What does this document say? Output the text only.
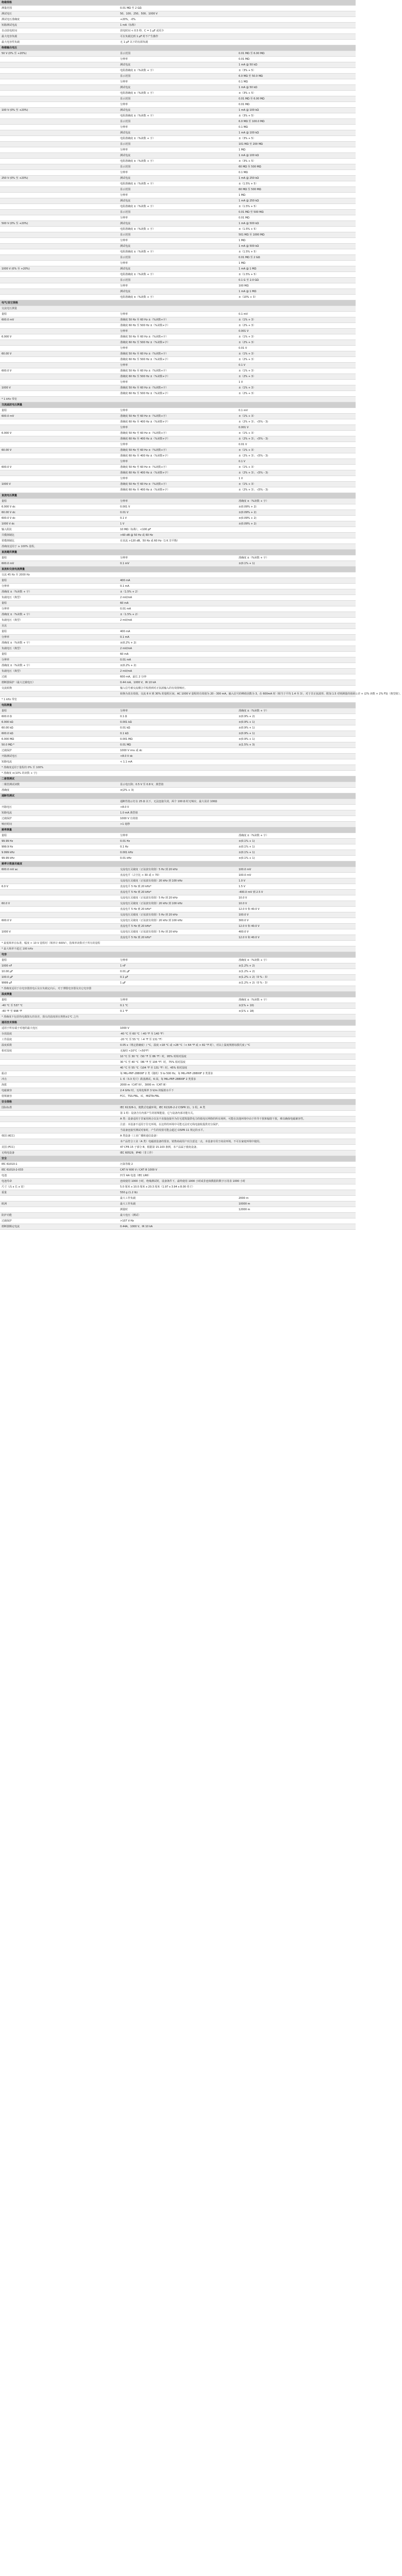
绝缘规格		
测量范围	0.01 MΩ 至 2 GΩ	
测试电压	50、100、250、500、1000 V	
测试电压准确度	+20%，-0%	
短路测试电流	1 mA（标称）	
自动放电时间	放电时间 < 0.5 秒，C = 1 μF 或更少	
最大电容负载	可在负载达到 1 μF 时不产生操作	
最大电容性负载	无 1 μF 以下的有源负载	
绝缘输出电压		
50 V (0% 至 +20%)	显示范围	0.01 MΩ 至 6.00 MΩ
	分辨率	0.01 MΩ
	测试电流	1 mA @ 50 kΩ
	电阻准确度 ±（%读数 + 字）	±（3% + 5）
	显示范围	6.0 MΩ 至 50.0 MΩ
	分辨率	0.1 MΩ
	测试电流	1 mA @ 50 kΩ
	电阻准确度 ±（%读数 + 字）	±（3% + 5）
	显示范围	0.01 MΩ 至 6.00 MΩ
	分辨率	0.01 MΩ
100 V (0% 至 +20%)	测试电流	1 mA @ 100 kΩ
	电阻准确度 ±（%读数 + 字）	±（3% + 5）
	显示范围	6.0 MΩ 至 100.0 MΩ
	分辨率	0.1 MΩ
	测试电流	1 mA @ 100 kΩ
	电阻准确度 ±（%读数 + 字）	±（3% + 5）
	显示范围	101 MΩ 至 200 MΩ
	分辨率	1 MΩ
	测试电流	1 mA @ 100 kΩ
	电阻准确度 ±（%读数 + 字）	±（3% + 5）
	显示范围	60 MΩ 至 500 MΩ
	分辨率	0.1 MΩ
250 V (0% 至 +20%)	测试电流	1 mA @ 250 kΩ
	电阻准确度 ±（%读数 + 字）	±（1.5% + 5）
	显示范围	60 MΩ 至 500 MΩ
	分辨率	1 MΩ
	测试电流	1 mA @ 250 kΩ
	电阻准确度 ±（%读数 + 字）	±（1.5% + 5）
	显示范围	0.01 MΩ 至 500 MΩ
	分辨率	0.01 MΩ
500 V (0% 至 +20%)	测试电流	1 mA @ 500 kΩ
	电阻准确度 ±（%读数 + 字）	±（1.5% + 5）
	显示范围	501 MΩ 至 1000 MΩ
	分辨率	1 MΩ
	测试电流	1 mA @ 500 kΩ
	电阻准确度 ±（%读数 + 字）	±（1.5% + 5）
	显示范围	0.01 MΩ 至 2 GΩ
	分辨率	1 MΩ
1000 V (0% 至 +20%)	测试电流	1 mA @ 1 MΩ
	电阻准确度 ±（%读数 + 字）	±（1.5% + 5）
	显示范围	0.1 G 至 2.0 GΩ
	分辨率	100 MΩ
	测试电流	1 mA @ 1 MΩ
	电阻准确度 ±（%读数 + 字）	±（10% + 3）
电气/其它规格		
交流电压测量		
量程	分辨率	0.1 mV
600.0 mV	准确度 50 Hz 至 60 Hz ±（%读数+字）	±（1% + 3）
	准确度 60 Hz 至 500 Hz ±（%读数+字）	±（2% + 3）
	分辨率	0.001 V
6.000 V	准确度 50 Hz 至 60 Hz ±（%读数+字）	±（1% + 3）
	准确度 60 Hz 至 500 Hz ±（%读数+字）	±（2% + 3）
	分辨率	0.01 V
60.00 V	准确度 50 Hz 至 60 Hz ±（%读数+字）	±（1% + 3）
	准确度 60 Hz 至 500 Hz ±（%读数+字）	±（2% + 3）
	分辨率	0.1 V
600.0 V	准确度 50 Hz 至 60 Hz ±（%读数+字）	±（1% + 3）
	准确度 60 Hz 至 500 Hz ±（%读数+字）	±（2% + 3）
	分辨率	1 V
1000 V	准确度 50 Hz 至 60 Hz ±（%读数+字）	±（1% + 3）
	准确度 60 Hz 至 500 Hz ±（%读数+字）	±（2% + 3）
* 1 kHz 带宽		
交流滤波电压测量		
量程	分辨率	0.1 mV
600.0 mV	准确度 50 Hz 至 60 Hz ±（%读数+字）	±（1% + 3）
	准确度 60 Hz 至 400 Hz ±（%读数+字）	±（2% + 3），-(5% - 3)
	分辨率	0.001 V
6.000 V	准确度 50 Hz 至 60 Hz ±（%读数+字）	±（1% + 3）
	准确度 60 Hz 至 400 Hz ±（%读数+字）	±（2% + 3），-(5% - 3)
	分辨率	0.01 V
60.00 V	准确度 50 Hz 至 60 Hz ±（%读数+字）	±（1% + 3）
	准确度 60 Hz 至 400 Hz ±（%读数+字）	±（2% + 3），-(5% - 3)
	分辨率	0.1 V
600.0 V	准确度 50 Hz 至 60 Hz ±（%读数+字）	±（1% + 3）
	准确度 60 Hz 至 400 Hz ±（%读数+字）	±（2% + 3），-(5% - 3)
	分辨率	1 V
1000 V	准确度 50 Hz 至 60 Hz ±（%读数+字）	±（1% + 3）
	准确度 60 Hz 至 400 Hz ±（%读数+字）	±（2% + 3），-(5% - 3)
直流电压测量		
量程	分辨率	准确度 ±（%读数 + 字）
6.000 V dc	0.001 V	±(0.09% + 2)
60.00 V dc	0.01 V	±(0.09% + 2)
600.0 V dc	0.1 V	±(0.09% + 2)
1000 V dc	1 V	±(0.09% + 2)
输入阻抗	10 MΩ（标称），<100 pF	
共模抑制比	>60 dB @ 50 Hz 或 60 Hz	
常模抑制比	在直流 >120 dB，50 Hz 或 60 Hz（1 K 非平衡）	
准确度适用于 ≥ 100% 量程。		
直流毫伏测量		
量程	分辨率	准确度 ±（%读数 + 字）
600.0 mV	0.1 mV	±(0.1% + 1)
直流和交流电流测量		
交流 45 Hz 至 2000 Hz		
量程	400 mA	
分辨率	0.1 mA	
准确度 ±（%读数 + 字）	±（1.5% + 2）	
负载电压（典型）	2 mV/mA	
量程	60 mA	
分辨率	0.01 mA	
准确度 ±（%读数 + 字）	±（1.5% + 2）	
负载电压（典型）	2 mV/mA	
直流		
量程	400 mA	
分辨率	0.1 mA	
准确度 ±（%读数 + 字）	±(0.2% + 2)	
负载电压（典型）	2 mV/mA	
量程	60 mA	
分辨率	0.01 mA	
准确度 ±（%读数 + 字）	±(0.2% + 2)	
负载电压（典型）	2 mV/mA	
过载	600 mA，最长 2 分钟	
熔断器保护（最大过载电压）	0.44 mA，1000 V，IR 10 kA	
交流转换	输入信号被交流耦合并校准到对正弦波输入的有效值响应。	
	转换为真有效值，交流 6 V 到 30% 的量程区间，AC 1000 V 量程的有效值为 20 - 300 mA。输入信号的峰值因数为 3，在 600mA 时（相当于平均 1.4 至 3），对于非正弦波形，附加 1.5 对则测量的值须公差 + (2% 读数 + 2% FS)（典型值）。	
* 1 kHz 带宽		
电阻测量		
量程	分辨率	准确度 ±（%读数 + 字）
600.0 Ω	0.1 Ω	±(0.9% + 2)
6.000 kΩ	0.001 kΩ	±(0.9% + 1)
60.00 kΩ	0.01 kΩ	±(0.9% + 1)
600.0 kΩ	0.1 kΩ	±(0.9% + 1)
6.000 MΩ	0.001 MΩ	±(0.9% + 1)
50.0 MΩ *	0.01 MΩ	±(1.5% + 3)
过载保护	1000 V rms 或 dc	
开路测试电压	<8.0 V dc	
短路电流	< 1.1 mA	
* 准确度适用于量程的 0% 至 100%		
* 准确度 ±(10% 的读数 + 字)		
二极管测试		
二极管测试读数	显示电压降；0.5 V 至 0.8 V，典型值	
准确度	±(2% + 3)	
通断性测试		
	通断性指示灯在 25 Ω 以下，无法连接失效，两个 100 Ω 时无响应，最大误差 100Ω	
开路电压	<8.0 V	
短路电流	1.0 mA 典型值	
过载保护	1000 V 有效值	
响应时间	>1 毫秒	
频率测量		
量程	分辨率	准确度 ±（%读数 + 字）
99.99 Hz	0.01 Hz	±(0.1% + 1)
999.9 Hz	0.1 Hz	±(0.1% + 1)
9.999 kHz	0.001 kHz	±(0.1% + 1)
99.99 kHz	0.01 kHz	±(0.1% + 1)
频率计数器灵敏度		
600.0 mV ac	交流电压灵敏度（正弦波有效值）5 Hz 到 20 kHz	100.0 mV
	直流电平（占空比 < 30 或 > 70）	100.0 mV
	交流电压灵敏度（正弦波有效值）20 kHz 到 100 kHz	1.0 V
6.0 V	直流电平 5 Hz 到 20 kHz*	1.5 V
	直流电平 5 Hz 到 20 kHz*	-400.0 mV 到 2.5 V
	交流电压灵敏度（正弦波有效值）5 Hz 到 20 kHz	10.0 V
60.0 V	交流电压灵敏度（正弦波有效值）20 kHz 到 100 kHz	10.0 V
	直流电平 5 Hz 到 20 kHz*	12.0 V 和 40.0 V
	交流电压灵敏度（正弦波有效值）5 Hz 到 20 kHz	100.0 V
600.0 V	交流电压灵敏度（正弦波有效值）20 kHz 到 100 kHz	300.0 V
	直流电平 5 Hz 到 20 kHz*	12.0 V 和 40.0 V
1000 V	交流电压灵敏度（正弦波有效值）5 Hz 到 20 kHz	400.0 V
	直流电平 5 Hz 到 20 kHz*	12.0 V 和 40.0 V
* 最低频率在标准，幅度 > 10 V 量程时（频率计 600V），指频率读数对于所有的量程		
* 最大频率不超过 100 kHz		
电容		
量程	分辨率	准确度 ±（%读数 + 字）
1000 nF	1 nF	±(1.2% + 2)
10.00 μF	0.01 μF	±(1.2% + 2)
100.0 μF	0.1 μF	±(1.2% + 2)（0 % - 3）
9999 μF	1 μF	±(1.2% + 2)（0 % - 3）
* 准确度适用于在电容器放电后及在负载定向后，对于薄膜电容器及其它电容器		
温度测量		
量程	分辨率	准确度 ±（%读数 + 字）
-40 °C 至 537 °C	0.1 °C	±(1% + 10)
-40 °F 至 998 °F	0.1 °F	±(1% + 18)
* 准确度不包括热电偶探头的误差，探头的温度须在规格±1°C 之内		
通用技术规格		
适用于所有端子对地的最大电压	1000 V	
存放温度	-40 °C 至 60 °C（-40 °F 至 140 °F）	
工作温度	-20 °C 至 55 °C（-4 °F 至 131 °F）	
温度系数	0.05 x（规定准确度）/ °C，温度 <18 °C 或 >28 °C（< 64 °F 或 > 82 °F 时），对以上温度规格每摄氏度 / °C	
相对湿度	无凝结 <10°C（<50°F）	
	10 °C 至 30 °C（50 °F 至 86 °F）时，95% 时相对湿度	
	30 °C 至 40 °C（86 °F 至 104 °F）时，75% 相对湿度	
	40 °C 至 55 °C（104 °F 至 131 °F）时，45% 相对湿度	
振动	每 MIL-PRF-28800F 2 类（随机）5 to 500 Hz，每 MIL-PRF-28800F 2 类要求	
冲击	1 米（3.3 英尺）跌落测试，6 面，每 MIL-PRF-28800F 2 类要求	
海拔	2000 m（CAT IV），3000 m（CAT III）	
电磁兼容	2.4 GHz 时，无线电频率 3 V/m 的辐射水平下	
射频兼容	FCC、TSS-FBL、IC，MIZTA-FBL	
安全规格		
国际标准	IEC 61326-1，便携式电磁环境，IEC 61326-2-2 CISPR 11，1 组，A 类	
	第 1 组：设备含有内部产生的射频能量，它与设备内部功能有关。	
	A 类：设备适用于非家用场合以及不直接连接至为住宅建筑提供电力的低电压网络的所有场所，可能在其他环境中由于传导干扰和辐射干扰，难以确保电磁兼容性。	
	注意：本设备不适用于住宅环境，在这样的环境中可能无法对无线电接收提供充分保护。	
	当设备连接至测试对象时，产生的发射可能会超过 CISPR 11 规定的水平。	
韩国 (KCC)	A 类设备（工业广播和通信设备）	
	本产品符合工业（A 类）电磁波设备的要求，销售商或用户应注意这一点，本设备专用于商业环境，不可在家庭环境中使用。	
美国 (FCC)	47 CFR 15 子部分 B，根据第 15.103 条例，本产品属于豁免设备。	
无线电设备	IEC 60529，IP40（非工作）	
安全		
IEC 61010-1	污染等级 2	
IEC 61010-2-033	CAT IV 600 V / CAT III 1000 V	
电池	四节 AA 电池（IEC LR6）	
电池寿命	连续使用 1000 小时，绝缘测试时，设备条件下，最终使用 1000 小时或非连续数据的数字万用表 1000 小时	
尺寸（高 x 长 x 宽）	5.0 厘米 x 10.0 厘米 x 20.3 厘米（1.97 x 3.94 x 8.00 英寸）	
重量	550 g (1.2 lb)	
	最大工作负载	2000 m
欧洲	最大工作负载	10000 m
	测量时	12000 m
防护功能	最大电压（测试）	
过载保护	>107 V·Hz	
熔断器额定电流	0.44A，1000 V，IR 10 kA	
